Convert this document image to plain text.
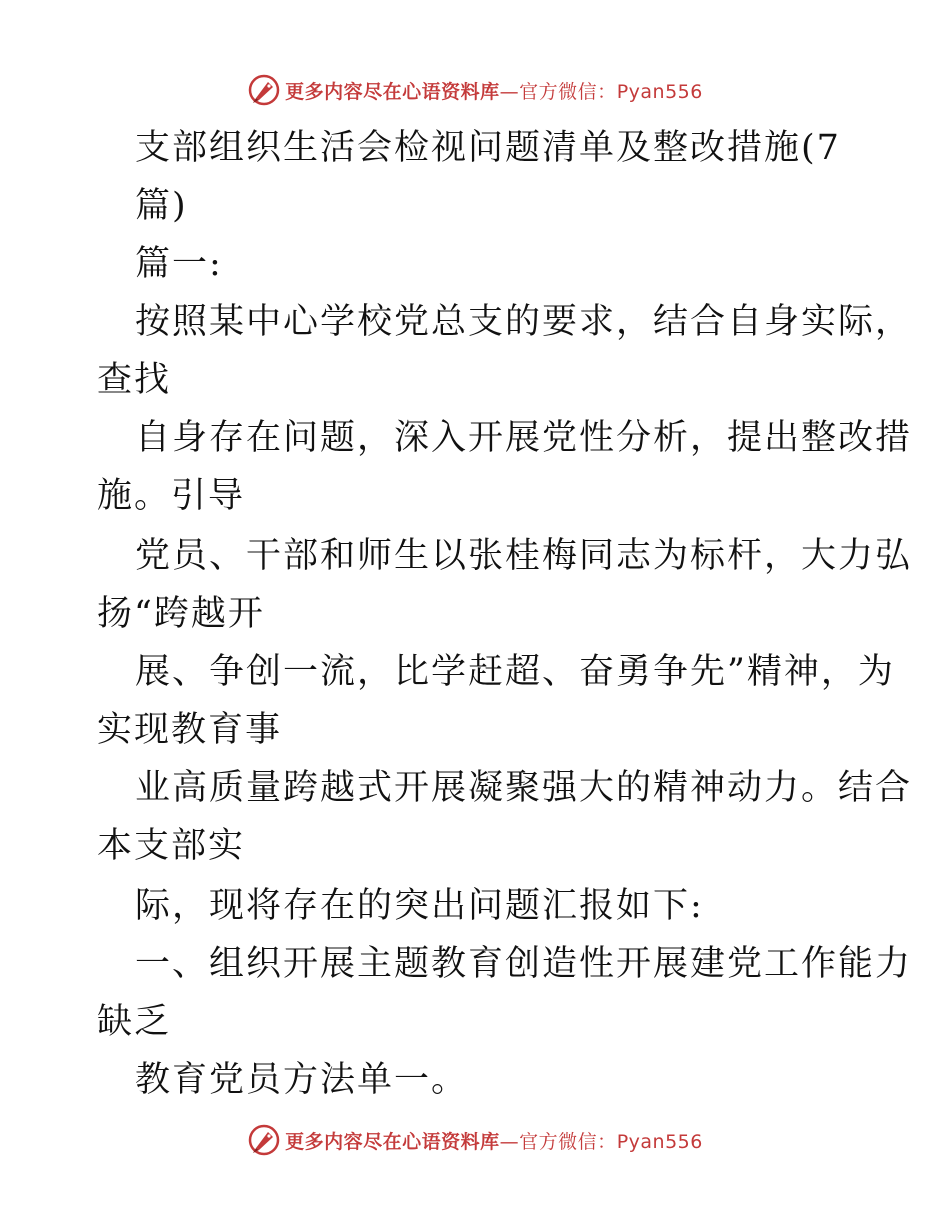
更多内容尽在心语资料库—官方微信：Pyan556
支部组织生活会检视问题清单及整改措施(7
篇)
篇一:
按照某中心学校党总支的要求，结合自身实际，
查找
自身存在问题，深入开展党性分析，提出整改措
施。引导
党员、干部和师生以张桂梅同志为标杆，大力弘
扬“跨越开
展、争创一流，比学赶超、奋勇争先”精神，为
实现教育事
业高质量跨越式开展凝聚强大的精神动力。结合
本支部实
际，现将存在的突出问题汇报如下:
一、组织开展主题教育创造性开展建党工作能力
缺乏
教育党员方法单一。
更多内容尽在心语资料库—官方微信：Pyan556
